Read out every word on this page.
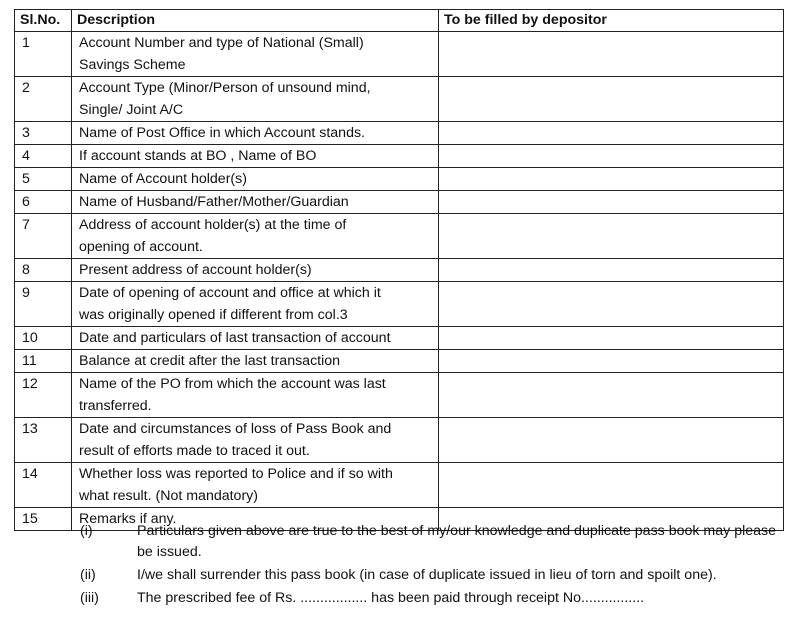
Sl.No.	Description	To be filled by depositor
1	Account Number and type of National (Small)
Savings Scheme	

2	Account Type (Minor/Person of unsound mind,
Single/ Joint A/C	

3	Name of Post Office in which Account stands.	

4	If account stands at BO , Name of BO	

5	Name of Account holder(s)	

6	Name of Husband/Father/Mother/Guardian	

7	Address of account holder(s) at the time of
opening of account.	

8	Present address of account holder(s)	

9	Date of opening of account and office at which it
was originally opened if different from col.3	

10	Date and particulars of last transaction of account	

11	Balance at credit after the last transaction	

12	Name of the PO from which the account was last
transferred.	

13	Date and circumstances of loss of Pass Book and
result of efforts made to traced it out.	

14	Whether loss was reported to Police and if so with
what result. (Not mandatory)	

15	Remarks if any.	

(i)	Particulars given above are true to the best of my/our knowledge and duplicate pass book may please be issued.
(ii)	I/we shall surrender this pass book (in case of duplicate issued in lieu of torn and spoilt one).
(iii)	The prescribed fee of Rs. ................. has been paid through receipt No................
